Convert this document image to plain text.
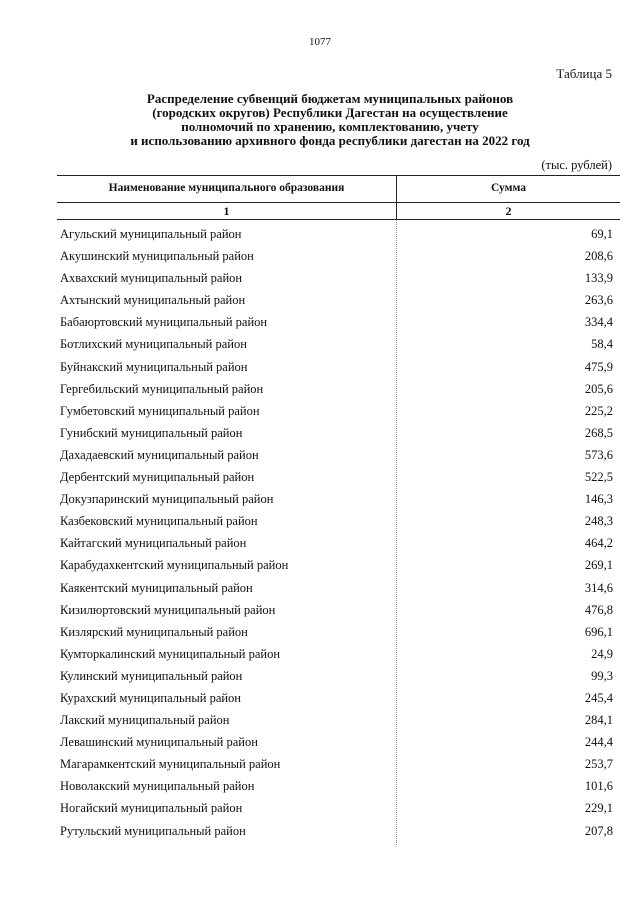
1077
Таблица 5
Распределение субвенций бюджетам муниципальных районов
(городских округов) Республики Дагестан на осуществление
полномочий по хранению, комплектованию, учету
и использованию архивного фонда республики дагестан на 2022 год
(тыс. рублей)
Наименование муниципального образования	Сумма
1	2
Агульский муниципальный район	69,1
Акушинский муниципальный район	208,6
Ахвахский муниципальный район	133,9
Ахтынский муниципальный район	263,6
Бабаюртовский муниципальный район	334,4
Ботлихский муниципальный район	58,4
Буйнакский муниципальный район	475,9
Гергебильский муниципальный район	205,6
Гумбетовский муниципальный район	225,2
Гунибский муниципальный район	268,5
Дахадаевский муниципальный район	573,6
Дербентский муниципальный район	522,5
Докузпаринский муниципальный район	146,3
Казбековский муниципальный район	248,3
Кайтагский муниципальный район	464,2
Карабудахкентский муниципальный район	269,1
Каякентский муниципальный район	314,6
Кизилюртовский муниципальный район	476,8
Кизлярский муниципальный район	696,1
Кумторкалинский муниципальный район	24,9
Кулинский муниципальный район	99,3
Курахский муниципальный район	245,4
Лакский муниципальный район	284,1
Левашинский муниципальный район	244,4
Магарамкентский муниципальный район	253,7
Новолакский муниципальный район	101,6
Ногайский муниципальный район	229,1
Рутульский муниципальный район	207,8
